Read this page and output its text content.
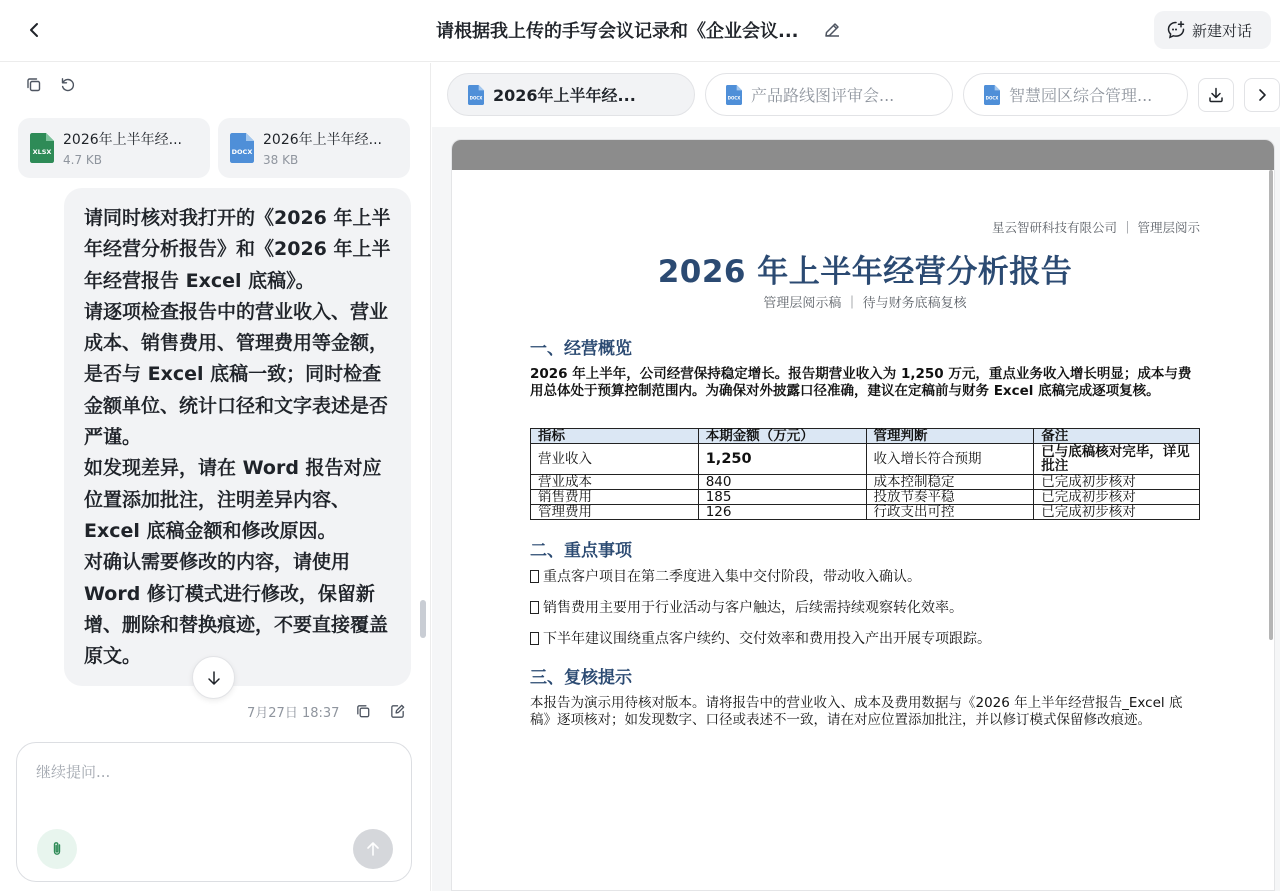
请根据我上传的手写会议记录和《企业会议...	新建对话
XLSX
2026年上半年经...
4.7 KB
DOCX
2026年上半年经...
38 KB

请同时核对我打开的《2026 年上半年经营分析报告》和《2026 年上半年经营报告 Excel 底稿》。
请逐项检查报告中的营业收入、营业成本、销售费用、管理费用等金额，是否与 Excel 底稿一致；同时检查金额单位、统计口径和文字表述是否严谨。
如发现差异，请在 Word 报告对应位置添加批注，注明差异内容、Excel 底稿金额和修改原因。
对确认需要修改的内容，请使用 Word 修订模式进行修改，保留新增、删除和替换痕迹，不要直接覆盖原文。

7月27日 18:37
继续提问...
DOCX 2026年上半年经...	DOCX 产品路线图评审会...	DOCX 智慧园区综合管理...
星云智研科技有限公司 ｜ 管理层阅示
2026 年上半年经营分析报告
管理层阅示稿 ｜ 待与财务底稿复核
一、经营概览
2026 年上半年，公司经营保持稳定增长。报告期营业收入为 1,250 万元，重点业务收入增长明显；成本与费用总体处于预算控制范围内。为确保对外披露口径准确，建议在定稿前与财务 Excel 底稿完成逐项复核。
指标	本期金额（万元）	管理判断	备注
营业收入	1,250	收入增长符合预期	已与底稿核对完毕，详见批注
营业成本	840	成本控制稳定	已完成初步核对
销售费用	185	投放节奏平稳	已完成初步核对
管理费用	126	行政支出可控	已完成初步核对
二、重点事项
重点客户项目在第二季度进入集中交付阶段，带动收入确认。
销售费用主要用于行业活动与客户触达，后续需持续观察转化效率。
下半年建议围绕重点客户续约、交付效率和费用投入产出开展专项跟踪。
三、复核提示
本报告为演示用待核对版本。请将报告中的营业收入、成本及费用数据与《2026 年上半年经营报告_Excel 底稿》逐项核对；如发现数字、口径或表述不一致，请在对应位置添加批注，并以修订模式保留修改痕迹。
